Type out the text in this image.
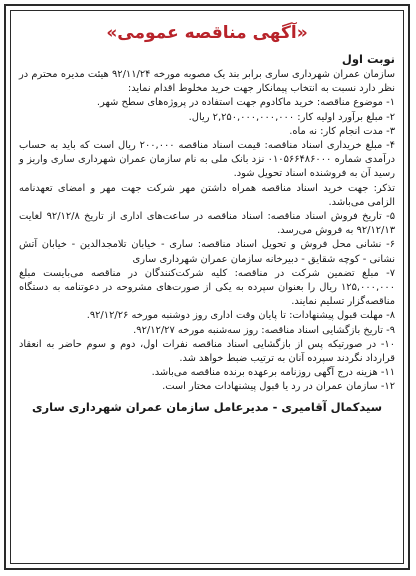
«آگهی مناقصه عمومی»
نوبت اول

سازمان عمران شهرداری ساری برابر بند یک مصوبه مورخه ۹۲/۱۱/۲۴ هیئت مدیره محترم در نظر دارد نسبت به انتخاب پیمانکار جهت خرید مخلوط اقدام نماید:

۱- موضوع مناقصه: خرید ماکادوم جهت استفاده در پروژه‌های سطح شهر.

۲- مبلغ برآورد اولیه کار: ۲,۲۵۰,۰۰۰,۰۰۰,۰۰۰ ریال.

۳- مدت انجام کار: نه ماه.

۴- مبلغ خریداری اسناد مناقصه: قیمت اسناد مناقصه ۲۰۰,۰۰۰ ریال است که باید به حساب درآمدی شماره ۰۱۰۵۶۶۴۸۶۰۰۰ نزد بانک ملی به نام سازمان عمران شهرداری ساری واریز و رسید آن به فروشنده اسناد تحویل شود.

تذکر: جهت خرید اسناد مناقصه همراه داشتن مهر شرکت جهت مهر و امضای تعهدنامه الزامی می‌باشد.

۵- تاریخ فروش اسناد مناقصه: اسناد مناقصه در ساعت‌های اداری از تاریخ ۹۲/۱۲/۸ لغایت ۹۲/۱۲/۱۳ به فروش می‌رسد.

۶- نشانی محل فروش و تحویل اسناد مناقصه: ساری - خیابان تلامجدالدین - خیابان آتش نشانی - کوچه شقایق - دبیرخانه سازمان عمران شهرداری ساری

۷- مبلغ تضمین شرکت در مناقصه: کلیه شرکت‌کنندگان در مناقصه می‌بایست مبلغ ۱۲۵,۰۰۰,۰۰۰ ریال را بعنوان سپرده به یکی از صورت‌های مشروحه در دعوتنامه به دستگاه مناقصه‌گزار تسلیم نمایند.

۸- مهلت قبول پیشنهادات: تا پایان وقت اداری روز دوشنبه مورخه ۹۲/۱۲/۲۶.

۹- تاریخ بازگشایی اسناد مناقصه: روز سه‌شنبه مورخه ۹۲/۱۲/۲۷.

۱۰- در صورتیکه پس از بازگشایی اسناد مناقصه نفرات اول، دوم و سوم حاضر به انعقاد قرارداد نگردند سپرده آنان به ترتیب ضبط خواهد شد.

۱۱- هزینه درج آگهی روزنامه برعهده برنده مناقصه می‌باشد.

۱۲- سازمان عمران در رد یا قبول پیشنهادات مختار است.

سیدکمال آقامیری - مدیرعامل سازمان عمران شهرداری ساری
